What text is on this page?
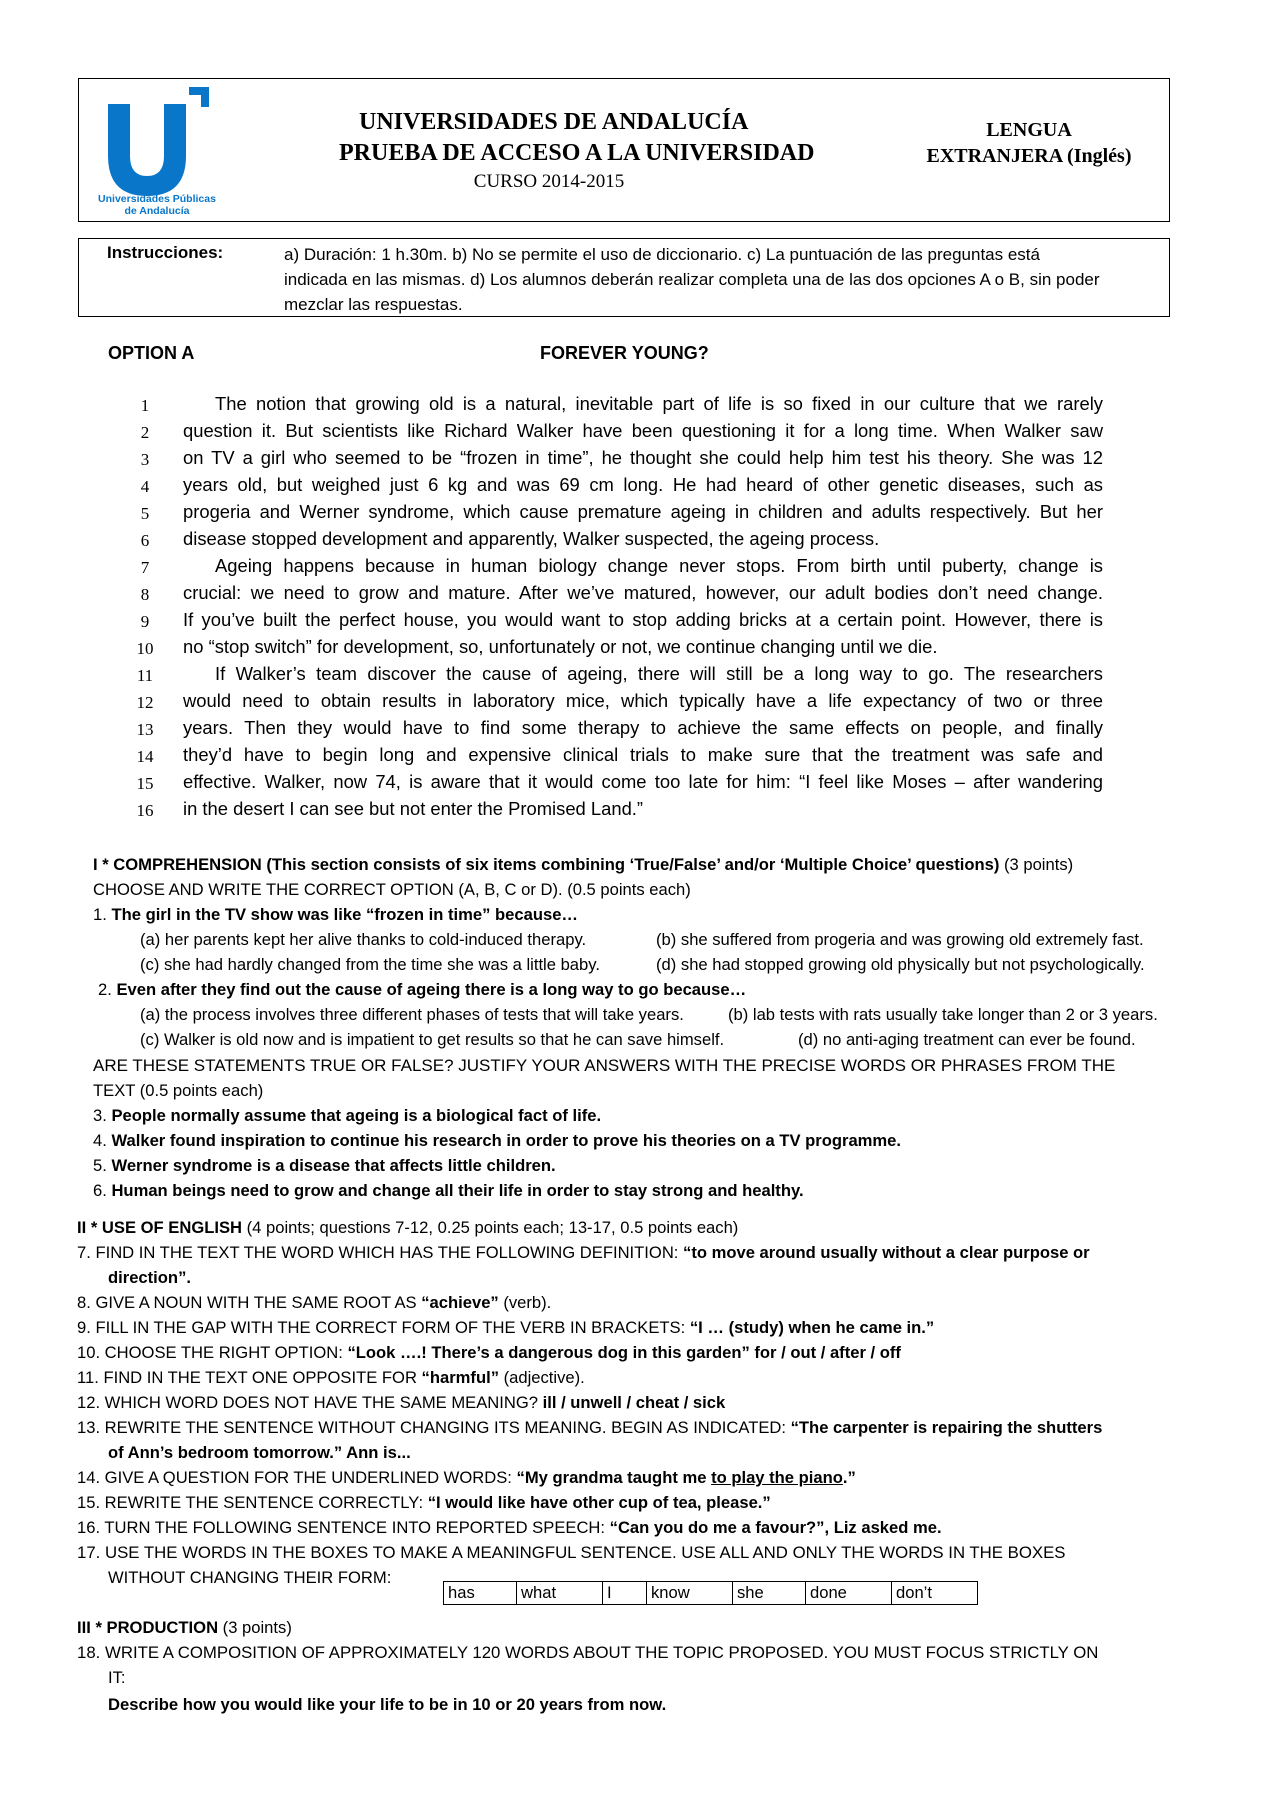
Universidades Públicas
de Andalucía
UNIVERSIDADES DE ANDALUCÍA
PRUEBA DE ACCESO A LA UNIVERSIDAD
CURSO 2014-2015
LENGUA
EXTRANJERA (Inglés)
Instrucciones:	a) Duración: 1 h.30m. b) No se permite el uso de diccionario. c) La puntuación de las preguntas está
indicada en las mismas. d) Los alumnos deberán realizar completa una de las dos opciones A o B, sin poder
mezclar las respuestas.
OPTION A	FOREVER YOUNG?
1	The notion that growing old is a natural, inevitable part of life is so fixed in our culture that we rarely
2	question it. But scientists like Richard Walker have been questioning it for a long time. When Walker saw
3	on TV a girl who seemed to be “frozen in time”, he thought she could help him test his theory. She was 12
4	years old, but weighed just 6 kg and was 69 cm long. He had heard of other genetic diseases, such as
5	progeria and Werner syndrome, which cause premature ageing in children and adults respectively. But her
6	disease stopped development and apparently, Walker suspected, the ageing process.
7	Ageing happens because in human biology change never stops. From birth until puberty, change is
8	crucial: we need to grow and mature. After we’ve matured, however, our adult bodies don’t need change.
9	If you’ve built the perfect house, you would want to stop adding bricks at a certain point. However, there is
10	no “stop switch” for development, so, unfortunately or not, we continue changing until we die.
11	If Walker’s team discover the cause of ageing, there will still be a long way to go. The researchers
12	would need to obtain results in laboratory mice, which typically have a life expectancy of two or three
13	years. Then they would have to find some therapy to achieve the same effects on people, and finally
14	they’d have to begin long and expensive clinical trials to make sure that the treatment was safe and
15	effective. Walker, now 74, is aware that it would come too late for him: “I feel like Moses – after wandering
16	in the desert I can see but not enter the Promised Land.”
I * COMPREHENSION (This section consists of six items combining ‘True/False’ and/or ‘Multiple Choice’ questions) (3 points)
CHOOSE AND WRITE THE CORRECT OPTION (A, B, C or D). (0.5 points each)
1. The girl in the TV show was like “frozen in time” because…
(a) her parents kept her alive thanks to cold-induced therapy.	(b) she suffered from progeria and was growing old extremely fast.
(c) she had hardly changed from the time she was a little baby.	(d) she had stopped growing old physically but not psychologically.
2. Even after they find out the cause of ageing there is a long way to go because…
(a) the process involves three different phases of tests that will take years.	(b) lab tests with rats usually take longer than 2 or 3 years.
(c) Walker is old now and is impatient to get results so that he can save himself.	(d) no anti-aging treatment can ever be found.
ARE THESE STATEMENTS TRUE OR FALSE? JUSTIFY YOUR ANSWERS WITH THE PRECISE WORDS OR PHRASES FROM THE
TEXT (0.5 points each)
3. People normally assume that ageing is a biological fact of life.
4. Walker found inspiration to continue his research in order to prove his theories on a TV programme.
5. Werner syndrome is a disease that affects little children.
6. Human beings need to grow and change all their life in order to stay strong and healthy.
II * USE OF ENGLISH (4 points; questions 7-12, 0.25 points each; 13-17, 0.5 points each)
7. FIND IN THE TEXT THE WORD WHICH HAS THE FOLLOWING DEFINITION: “to move around usually without a clear purpose or
direction”.
8. GIVE A NOUN WITH THE SAME ROOT AS “achieve” (verb).
9. FILL IN THE GAP WITH THE CORRECT FORM OF THE VERB IN BRACKETS: “I … (study) when he came in.”
10. CHOOSE THE RIGHT OPTION: “Look ….! There’s a dangerous dog in this garden” for / out / after / off
11. FIND IN THE TEXT ONE OPPOSITE FOR “harmful” (adjective).
12. WHICH WORD DOES NOT HAVE THE SAME MEANING? ill / unwell / cheat / sick
13. REWRITE THE SENTENCE WITHOUT CHANGING ITS MEANING. BEGIN AS INDICATED: “The carpenter is repairing the shutters
of Ann’s bedroom tomorrow.” Ann is...
14. GIVE A QUESTION FOR THE UNDERLINED WORDS: “My grandma taught me to play the piano.”
15. REWRITE THE SENTENCE CORRECTLY: “I would like have other cup of tea, please.”
16. TURN THE FOLLOWING SENTENCE INTO REPORTED SPEECH: “Can you do me a favour?”, Liz asked me.
17. USE THE WORDS IN THE BOXES TO MAKE A MEANINGFUL SENTENCE. USE ALL AND ONLY THE WORDS IN THE BOXES
WITHOUT CHANGING THEIR FORM:
has	what	I	know	she	done	don’t
III * PRODUCTION (3 points)
18. WRITE A COMPOSITION OF APPROXIMATELY 120 WORDS ABOUT THE TOPIC PROPOSED. YOU MUST FOCUS STRICTLY ON
IT:
Describe how you would like your life to be in 10 or 20 years from now.
